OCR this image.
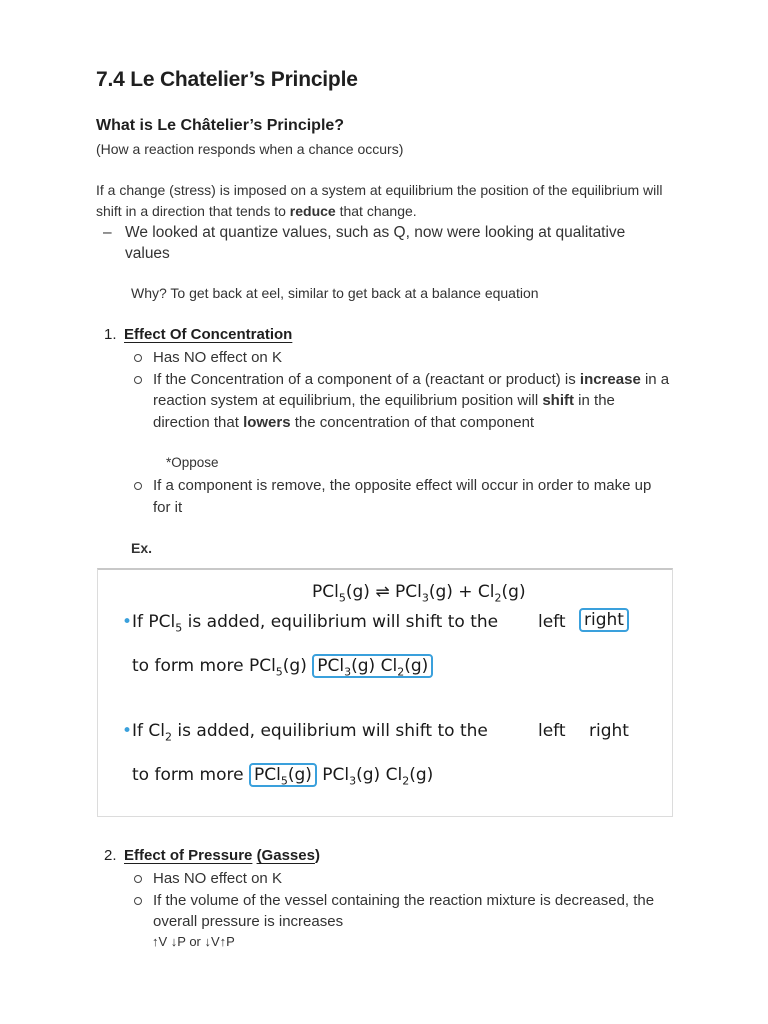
7.4 Le Chatelier’s Principle
What is Le Châtelier’s Principle?
(How a reaction responds when a chance occurs)
If a change (stress) is imposed on a system at equilibrium the position of the equilibrium will shift in a direction that tends to reduce that change.
– We looked at quantize values, such as Q, now were looking at qualitative values
Why? To get back at eel, similar to get back at a balance equation
1. Effect Of Concentration
Has NO effect on K
If the Concentration of a component of a (reactant or product) is increase in a reaction system at equilibrium, the equilibrium position will shift in the direction that lowers the concentration of that component
*Oppose
If a component is remove, the opposite effect will occur in order to make up for it
Ex.
PCl$_5$(g) ⇌ $PCl_3(g) + Cl_2(g)$
•If PCl$_5$ is added, equilibrium will shift to the left right
to form more PCl$_5$(g) PCl$_3$(g) $Cl_2(g)$
•If $Cl_2$ is added, equilibrium will shift to the	left right
to form more PCl$_5$(g) PCl$_3$(g) $Cl_2(g)$
2. Effect of Pressure (Gasses)
Has NO effect on K
If the volume of the vessel containing the reaction mixture is decreased, the overall pressure is increases
↑V ↓P or ↓V↑P
